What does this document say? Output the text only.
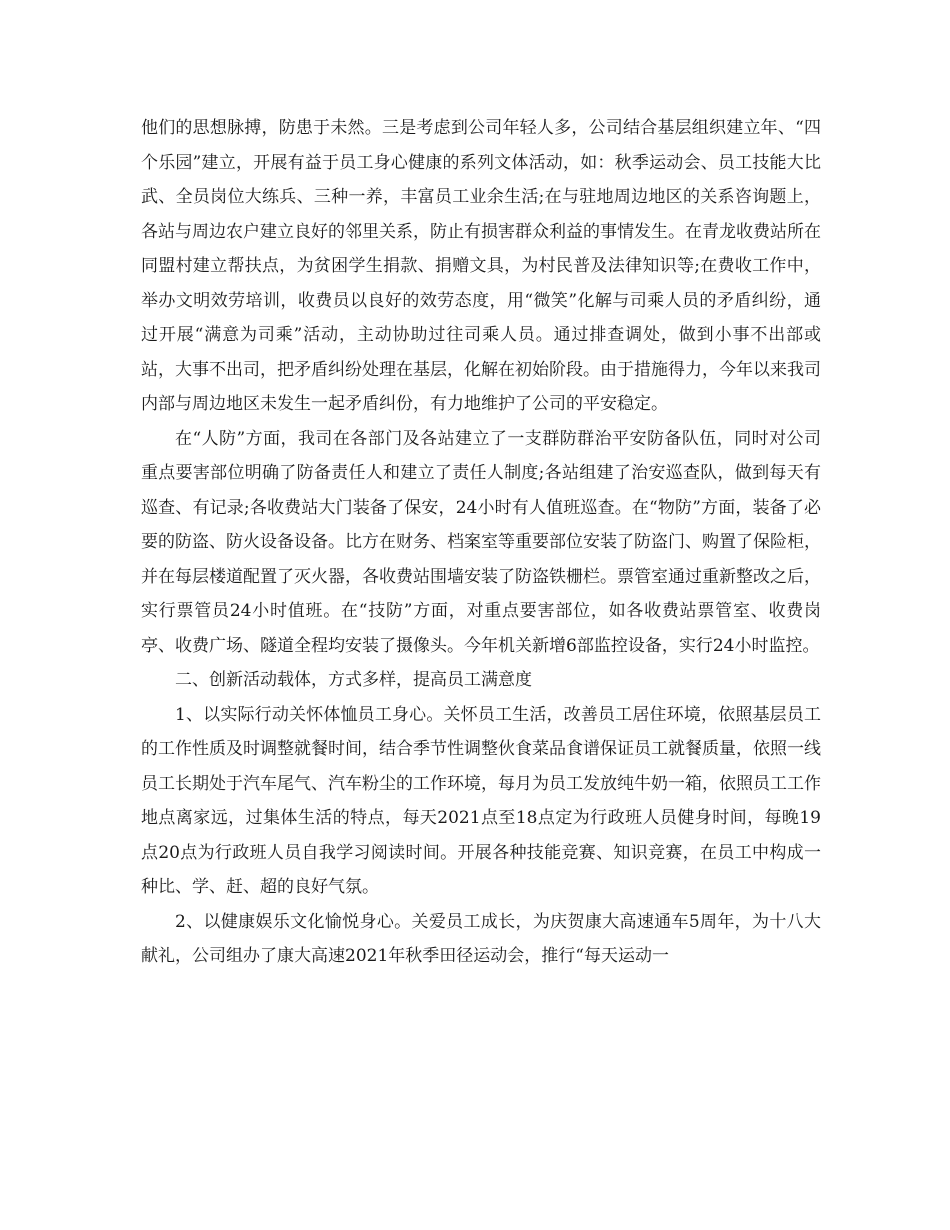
他们的思想脉搏，防患于未然。三是考虑到公司年轻人多，公司结合基层组织建立年、“四个乐园”建立，开展有益于员工身心健康的系列文体活动，如：秋季运动会、员工技能大比武、全员岗位大练兵、三种一养，丰富员工业余生活;在与驻地周边地区的关系咨询题上，各站与周边农户建立良好的邻里关系，防止有损害群众利益的事情发生。在青龙收费站所在同盟村建立帮扶点，为贫困学生捐款、捐赠文具，为村民普及法律知识等;在费收工作中，举办文明效劳培训，收费员以良好的效劳态度，用“微笑”化解与司乘人员的矛盾纠纷，通过开展“满意为司乘”活动，主动协助过往司乘人员。通过排查调处，做到小事不出部或站，大事不出司，把矛盾纠纷处理在基层，化解在初始阶段。由于措施得力，今年以来我司内部与周边地区未发生一起矛盾纠份，有力地维护了公司的平安稳定。

在“人防”方面，我司在各部门及各站建立了一支群防群治平安防备队伍，同时对公司重点要害部位明确了防备责任人和建立了责任人制度;各站组建了治安巡查队，做到每天有巡查、有记录;各收费站大门装备了保安，24小时有人值班巡查。在“物防”方面，装备了必要的防盗、防火设备设备。比方在财务、档案室等重要部位安装了防盗门、购置了保险柜，并在每层楼道配置了灭火器，各收费站围墙安装了防盗铁栅栏。票管室通过重新整改之后，实行票管员24小时值班。在“技防”方面，对重点要害部位，如各收费站票管室、收费岗亭、收费广场、隧道全程均安装了摄像头。今年机关新增6部监控设备，实行24小时监控。

二、创新活动载体，方式多样，提高员工满意度

1、以实际行动关怀体恤员工身心。关怀员工生活，改善员工居住环境，依照基层员工的工作性质及时调整就餐时间，结合季节性调整伙食菜品食谱保证员工就餐质量，依照一线员工长期处于汽车尾气、汽车粉尘的工作环境，每月为员工发放纯牛奶一箱，依照员工工作地点离家远，过集体生活的特点，每天2021点至18点定为行政班人员健身时间，每晚19点20点为行政班人员自我学习阅读时间。开展各种技能竞赛、知识竞赛，在员工中构成一种比、学、赶、超的良好气氛。

2、以健康娱乐文化愉悦身心。关爱员工成长，为庆贺康大高速通车5周年，为十八大献礼，公司组办了康大高速2021年秋季田径运动会，推行“每天运动一
